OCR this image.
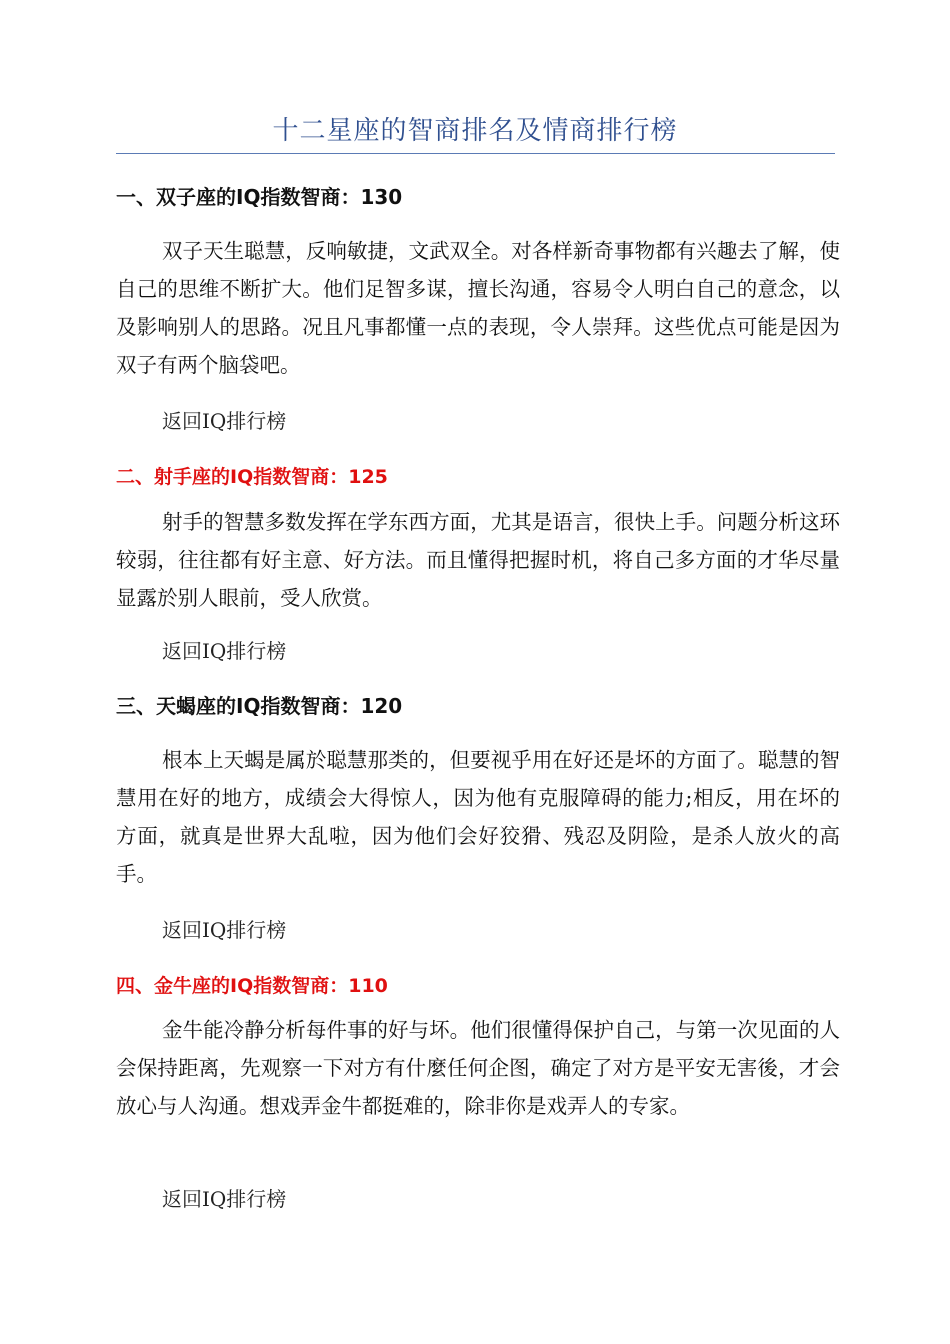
十二星座的智商排名及情商排行榜
一、双子座的IQ指数智商：130
双子天生聪慧，反响敏捷，文武双全。对各样新奇事物都有兴趣去了解，使自己的思维不断扩大。他们足智多谋，擅长沟通，容易令人明白自己的意念，以及影响别人的思路。况且凡事都懂一点的表现，令人崇拜。这些优点可能是因为双子有两个脑袋吧。
返回IQ排行榜
二、射手座的IQ指数智商：125
射手的智慧多数发挥在学东西方面，尤其是语言，很快上手。问题分析这环较弱，往往都有好主意、好方法。而且懂得把握时机，将自己多方面的才华尽量显露於别人眼前，受人欣赏。
返回IQ排行榜
三、天蝎座的IQ指数智商：120
根本上天蝎是属於聪慧那类的，但要视乎用在好还是坏的方面了。聪慧的智慧用在好的地方，成绩会大得惊人，因为他有克服障碍的能力;相反，用在坏的方面，就真是世界大乱啦，因为他们会好狡猾、残忍及阴险，是杀人放火的高手。
返回IQ排行榜
四、金牛座的IQ指数智商：110
金牛能冷静分析每件事的好与坏。他们很懂得保护自己，与第一次见面的人会保持距离，先观察一下对方有什麼任何企图，确定了对方是平安无害後，才会放心与人沟通。想戏弄金牛都挺难的，除非你是戏弄人的专家。
返回IQ排行榜
